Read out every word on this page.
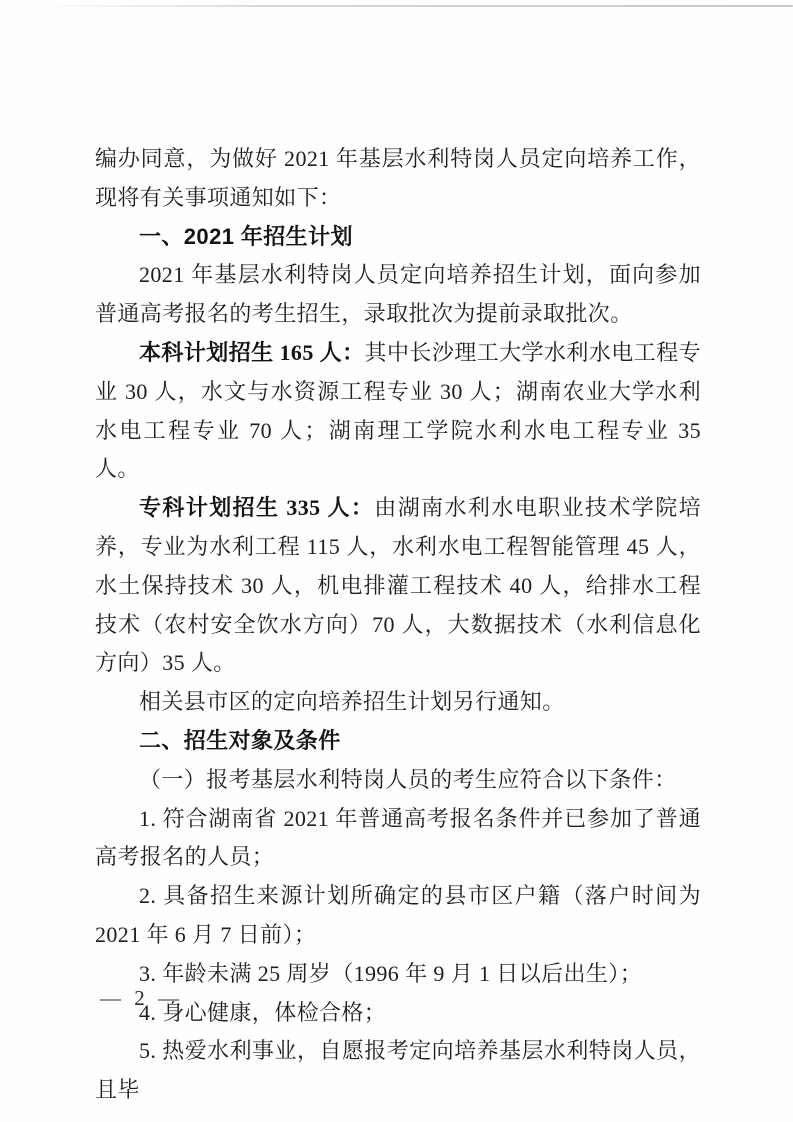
编办同意，为做好 2021 年基层水利特岗人员定向培养工作，现将有关事项通知如下：

一、2021 年招生计划

2021 年基层水利特岗人员定向培养招生计划，面向参加普通高考报名的考生招生，录取批次为提前录取批次。

本科计划招生 165 人：其中长沙理工大学水利水电工程专业 30 人，水文与水资源工程专业 30 人；湖南农业大学水利水电工程专业 70 人；湖南理工学院水利水电工程专业 35 人。

专科计划招生 335 人：由湖南水利水电职业技术学院培养，专业为水利工程 115 人，水利水电工程智能管理 45 人，水土保持技术 30 人，机电排灌工程技术 40 人，给排水工程技术（农村安全饮水方向）70 人，大数据技术（水利信息化方向）35 人。

相关县市区的定向培养招生计划另行通知。

二、招生对象及条件

（一）报考基层水利特岗人员的考生应符合以下条件：

1. 符合湖南省 2021 年普通高考报名条件并已参加了普通高考报名的人员；

2. 具备招生来源计划所确定的县市区户籍（落户时间为 2021 年 6 月 7 日前）；

3. 年龄未满 25 周岁（1996 年 9 月 1 日以后出生）；

4. 身心健康，体检合格；

5. 热爱水利事业，自愿报考定向培养基层水利特岗人员，且毕

— 2 —
